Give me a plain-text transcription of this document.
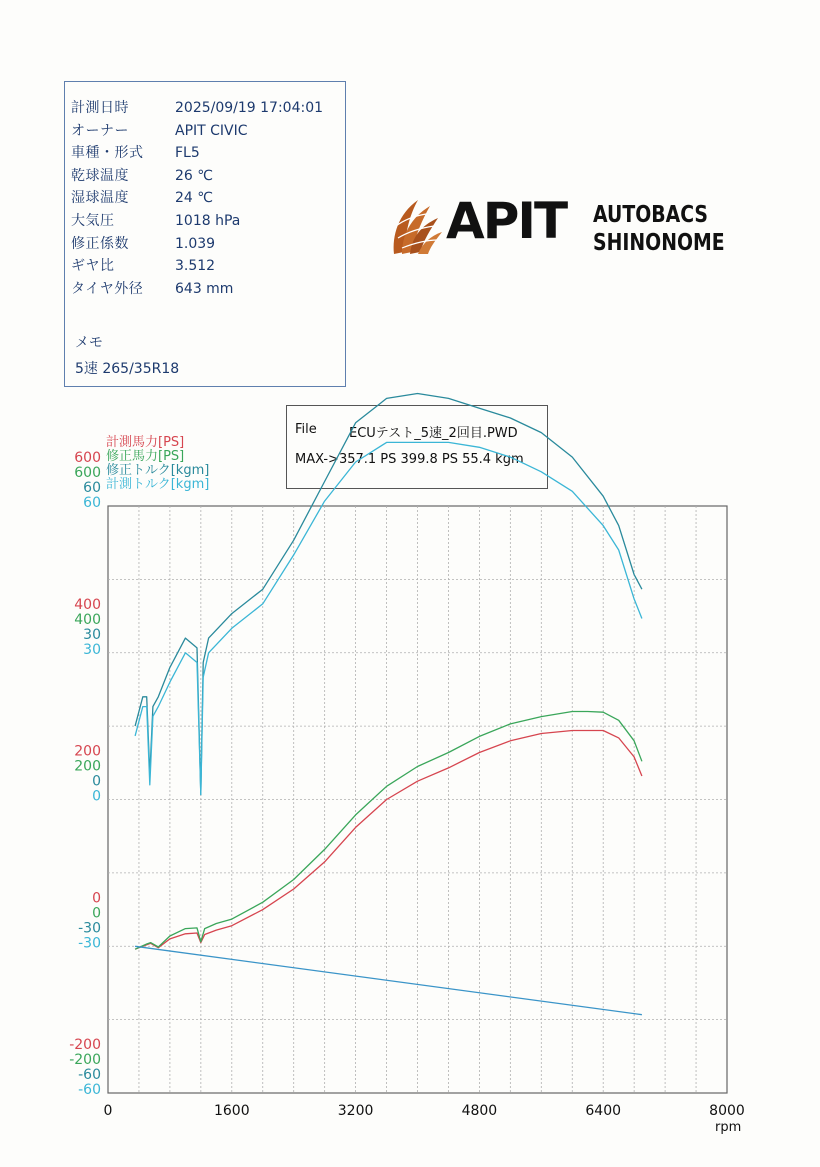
計測日時	2025/09/19 17:04:01
オーナー	APIT CIVIC
車種・形式 FL5
乾球温度	26 ℃
湿球温度	24 ℃
大気圧	1018 hPa
修正係数	1.039
ギヤ比	3.512
タイヤ外径 643 mm
メモ
5速 265/35R18
APIT AUTOBACS
SHINONOME
File ECUテスト_5速_2回目.PWD
MAX->357.1 PS 399.8 PS 55.4 kgm
0	1600	3200	4800	6400	8000
rpm
600
400
200
0
-200
計測馬力[PS]
600
400
200
0
-200
修正馬力[PS]
60
30
0
-30
-60
修正トルク[kgm]
60
30
0
-30
-60
計測トルク[kgm]
